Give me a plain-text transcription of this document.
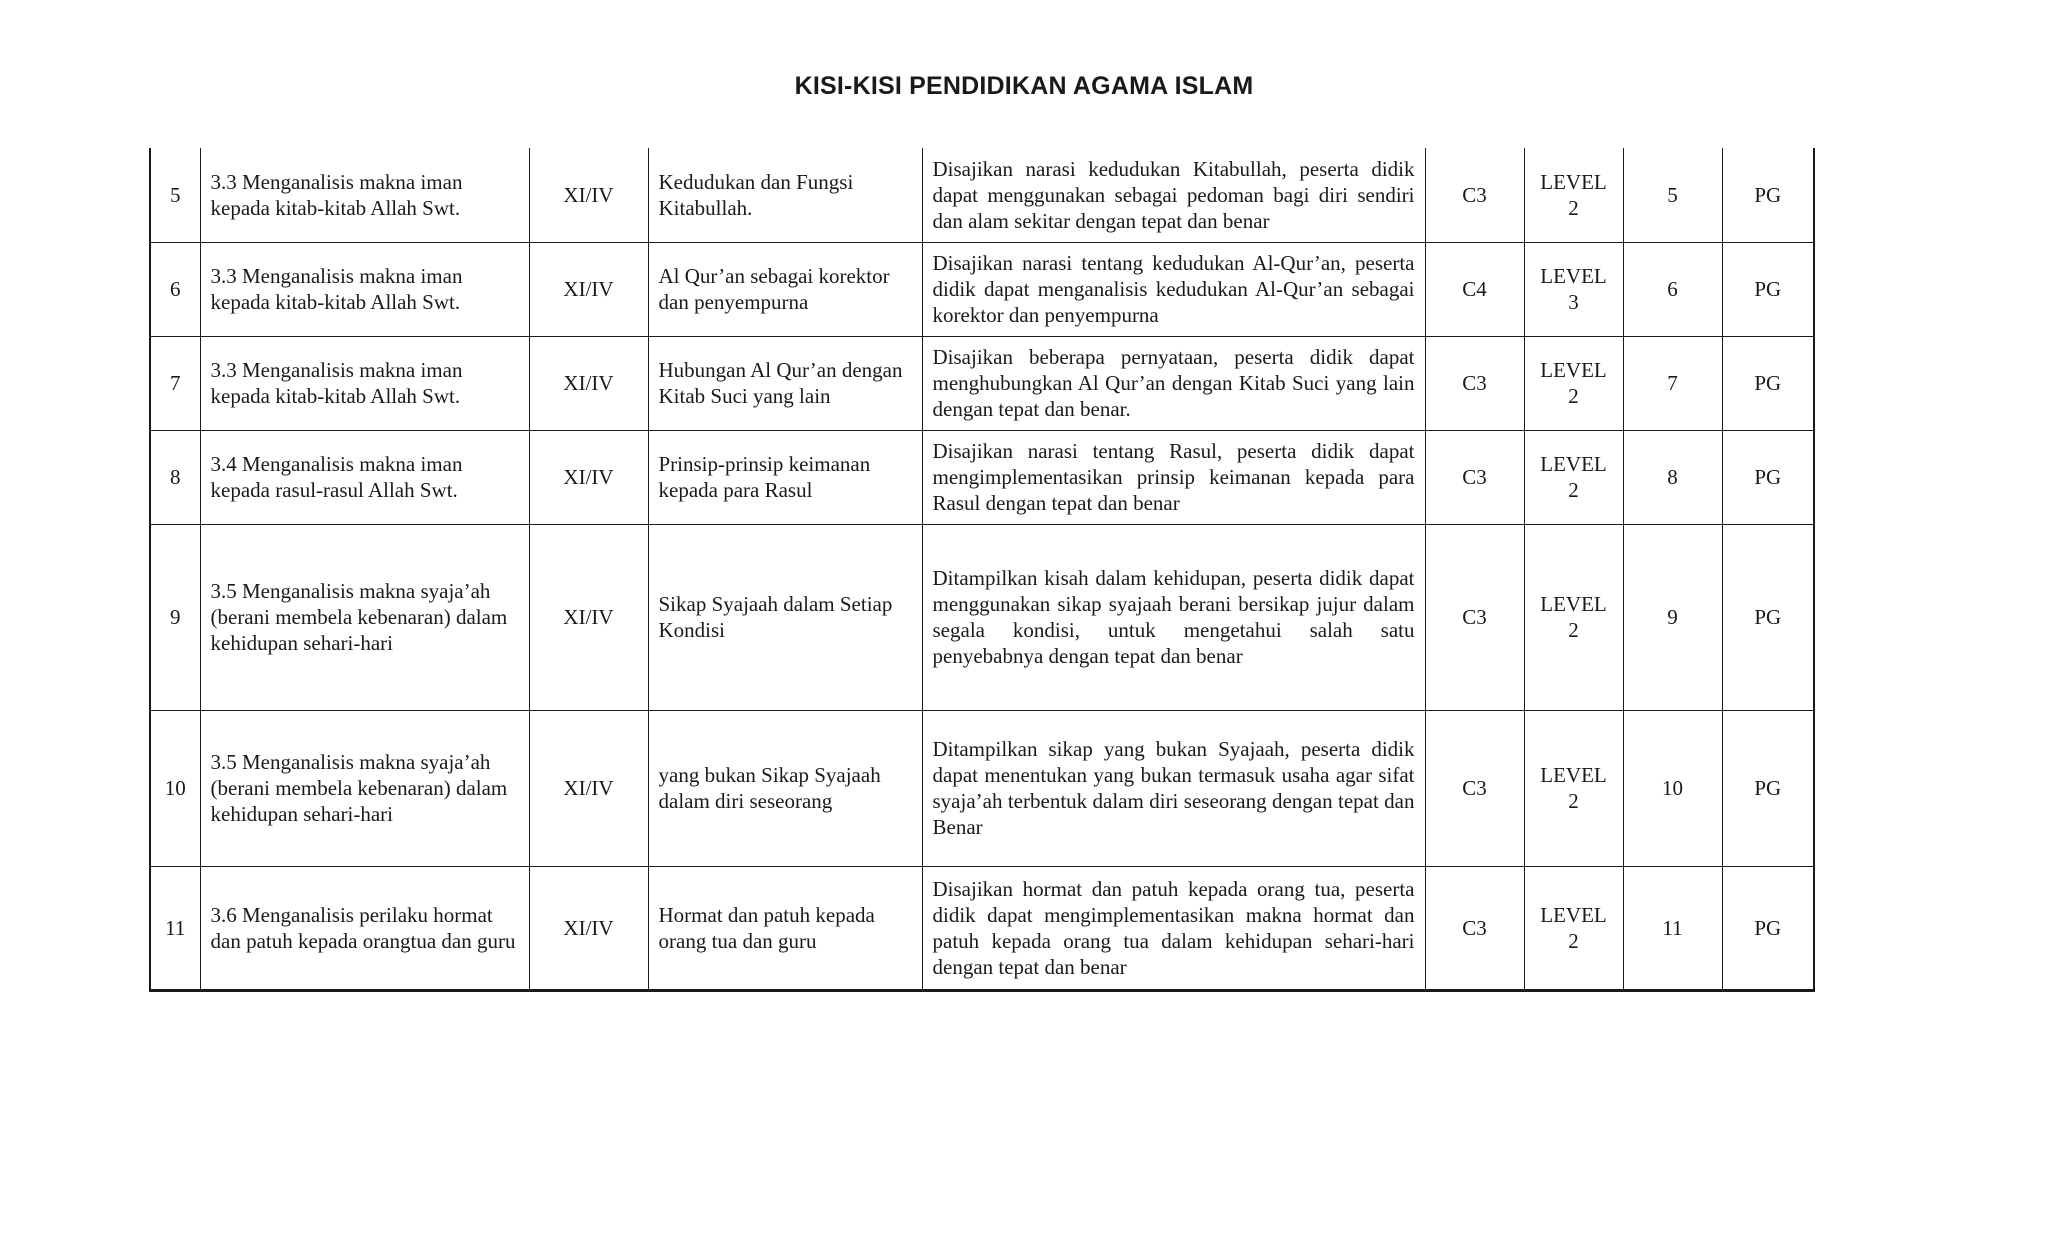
KISI-KISI PENDIDIKAN AGAMA ISLAM
5	3.3 Menganalisis makna iman kepada kitab-kitab Allah Swt.	XI/IV	Kedudukan dan Fungsi Kitabullah.	Disajikan narasi kedudukan Kitabullah, peserta didik dapat menggunakan sebagai pedoman bagi diri sendiri dan alam sekitar dengan tepat dan benar	C3	LEVEL 2	5	PG
6	3.3 Menganalisis makna iman kepada kitab-kitab Allah Swt.	XI/IV	Al Qur’an sebagai korektor dan penyempurna	Disajikan narasi tentang kedudukan Al-Qur’an, peserta didik dapat menganalisis kedudukan Al-Qur’an sebagai korektor dan penyempurna	C4	LEVEL 3	6	PG
7	3.3 Menganalisis makna iman kepada kitab-kitab Allah Swt.	XI/IV	Hubungan Al Qur’an dengan Kitab Suci yang lain	Disajikan beberapa pernyataan, peserta didik dapat menghubungkan Al Qur’an dengan Kitab Suci yang lain dengan tepat dan benar.	C3	LEVEL 2	7	PG
8	3.4 Menganalisis makna iman kepada rasul-rasul Allah Swt.	XI/IV	Prinsip-prinsip keimanan kepada para Rasul	Disajikan narasi tentang Rasul, peserta didik dapat mengimplementasikan prinsip keimanan kepada para Rasul dengan tepat dan benar	C3	LEVEL 2	8	PG
9	3.5 Menganalisis makna syaja’ah (berani membela kebenaran) dalam kehidupan sehari-hari	XI/IV	Sikap Syajaah dalam Setiap Kondisi	Ditampilkan kisah dalam kehidupan, peserta didik dapat menggunakan sikap syajaah berani bersikap jujur dalam segala kondisi, untuk mengetahui salah satu penyebabnya dengan tepat dan benar	C3	LEVEL 2	9	PG
10	3.5 Menganalisis makna syaja’ah (berani membela kebenaran) dalam kehidupan sehari-hari	XI/IV	yang bukan Sikap Syajaah dalam diri seseorang	Ditampilkan sikap yang bukan Syajaah, peserta didik dapat menentukan yang bukan termasuk usaha agar sifat syaja’ah terbentuk dalam diri seseorang dengan tepat dan Benar	C3	LEVEL 2	10	PG
11	3.6 Menganalisis perilaku hormat dan patuh kepada orangtua dan guru	XI/IV	Hormat dan patuh kepada orang tua dan guru	Disajikan hormat dan patuh kepada orang tua, peserta didik dapat mengimplementasikan makna hormat dan patuh kepada orang tua dalam kehidupan sehari-hari dengan tepat dan benar	C3	LEVEL 2	11	PG
